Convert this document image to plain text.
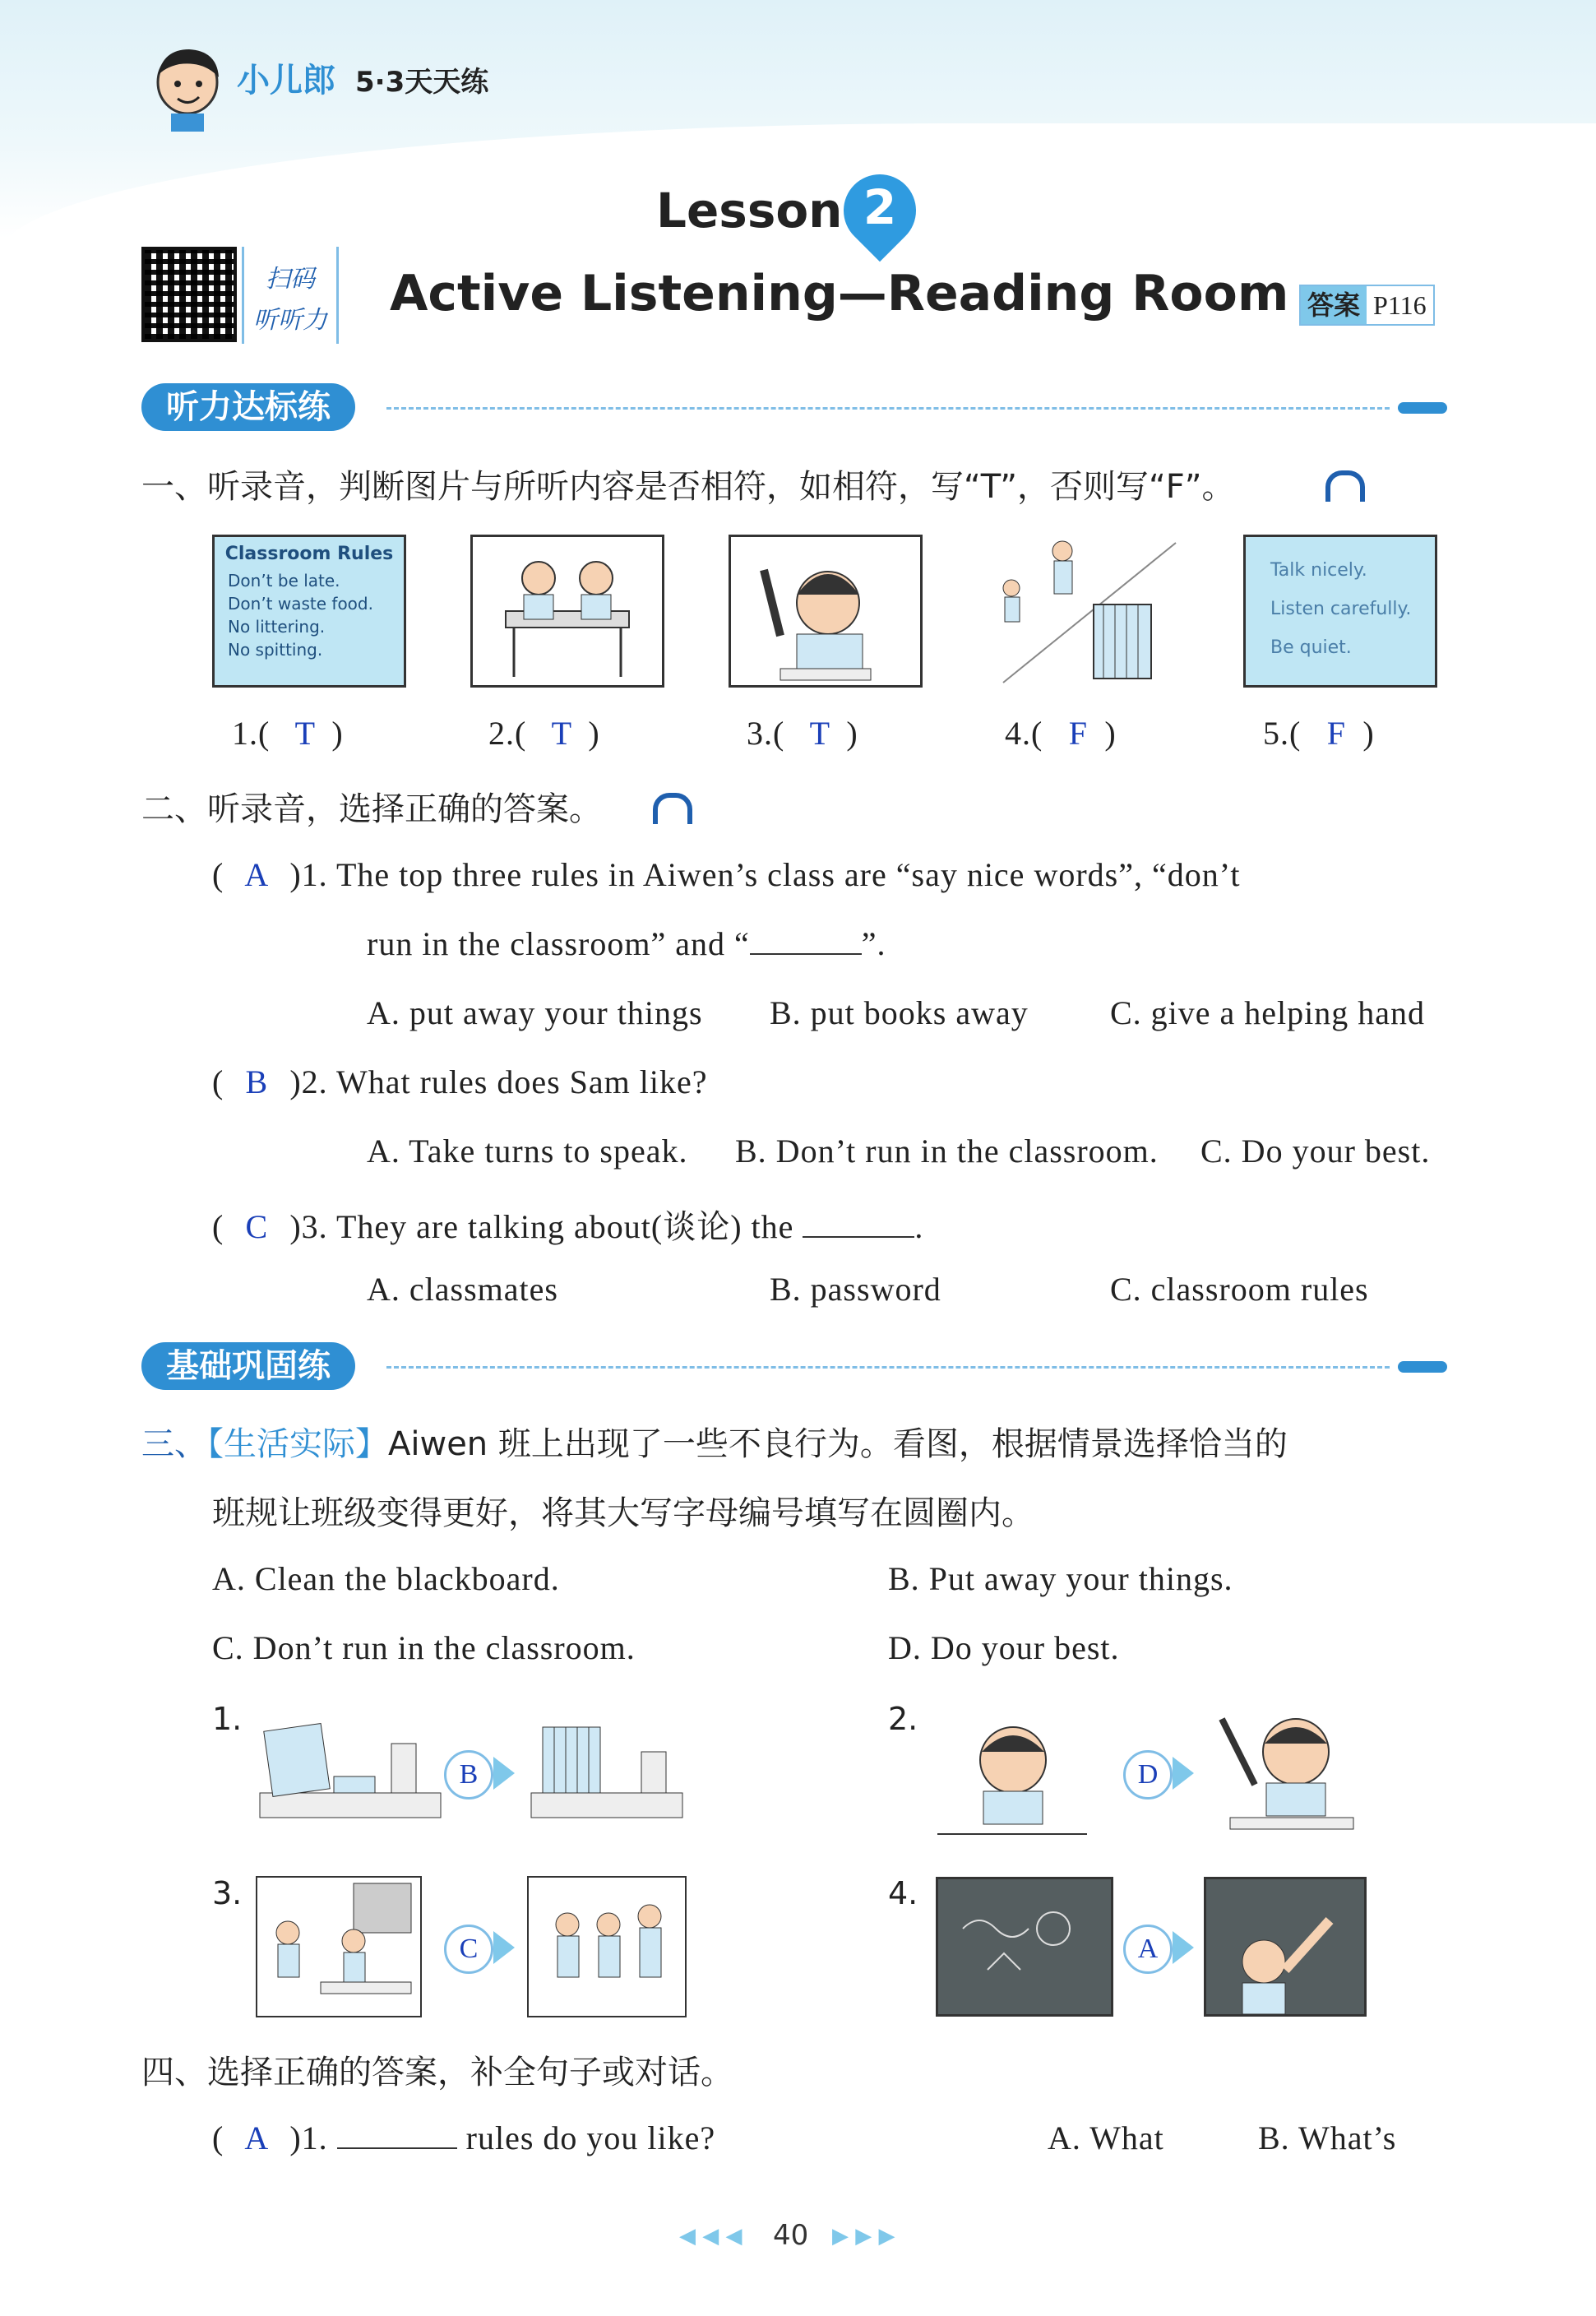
小儿郎 5·3天天练
扫码
听听力
Lesson 2
Active Listening—Reading Room 答案 P116
听力达标练
一、听录音，判断图片与所听内容是否相符，如相符，写“T”，否则写“F”。
Classroom Rules
Don’t be late.
Don’t waste food.
No littering.
No spitting.
Talk nicely.
Listen carefully.
Be quiet.
1.( T )	2.( T )	3.( T )	4.( F )	5.( F )
二、听录音，选择正确的答案。
( A )1. The top three rules in Aiwen’s class are “say nice words”, “don’t
run in the classroom” and “	”.
A. put away your things B. put books away C. give a helping hand
( B )2. What rules does Sam like?
A. Take turns to speak. B. Don’t run in the classroom. C. Do your best.
( C )3. They are talking about(谈论) the	.
A. classmates	B. password	C. classroom rules
基础巩固练
三、【生活实际】Aiwen 班上出现了一些不良行为。看图，根据情景选择恰当的
班规让班级变得更好，将其大写字母编号填写在圆圈内。
A. Clean the blackboard.	B. Put away your things.
C. Don’t run in the classroom.	D. Do your best.
1.
B
2.
D
3.
C
4.
A
四、选择正确的答案，补全句子或对话。
( A )1.	rules do you like?	A. What	B. What’s
◀ ◀ ◀ 40 ▶ ▶ ▶
